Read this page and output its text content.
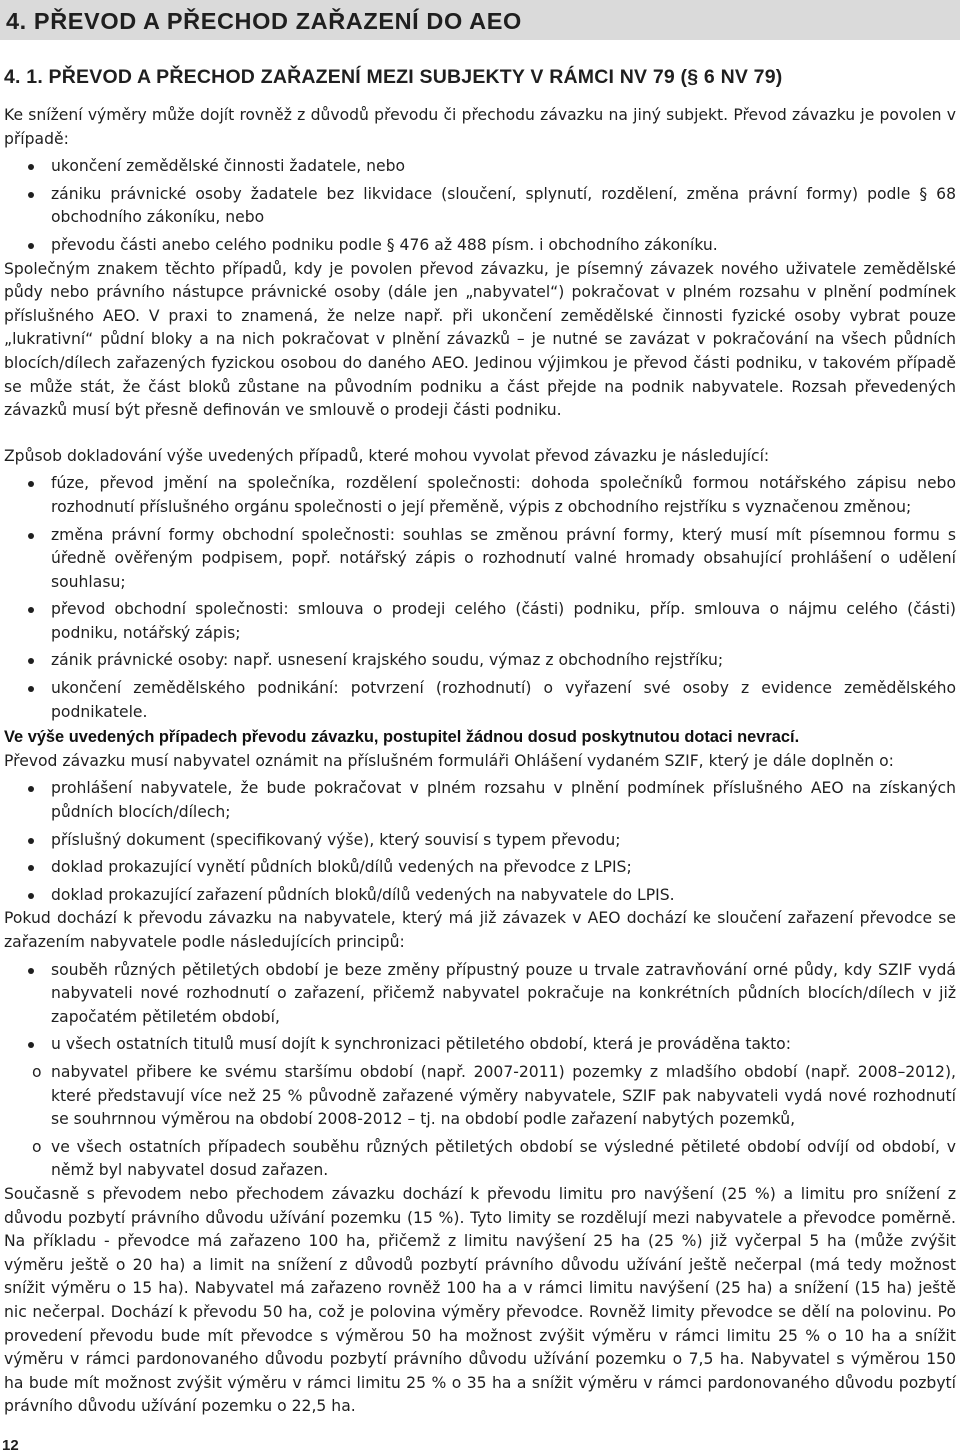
4. PŘEVOD A PŘECHOD ZAŘAZENÍ DO AEO
4. 1. PŘEVOD A PŘECHOD ZAŘAZENÍ MEZI SUBJEKTY V RÁMCI NV 79 (§ 6 NV 79)

Ke snížení výměry může dojít rovněž z důvodů převodu či přechodu závazku na jiný subjekt. Převod závazku je povolen v případě:

ukončení zemědělské činnosti žadatele, nebo
zániku právnické osoby žadatele bez likvidace (sloučení, splynutí, rozdělení, změna právní formy) podle § 68 obchodního zákoníku, nebo
převodu části anebo celého podniku podle § 476 až 488 písm. i obchodního zákoníku.

Společným znakem těchto případů, kdy je povolen převod závazku, je písemný závazek nového uživatele zemědělské půdy nebo právního nástupce právnické osoby (dále jen „nabyvatel“) pokračovat v plném rozsahu v plnění podmínek příslušného AEO. V praxi to znamená, že nelze např. při ukončení zemědělské činnosti fyzické osoby vybrat pouze „lukrativní“ půdní bloky a na nich pokračovat v plnění závazků – je nutné se zavázat v pokračování na všech půdních blocích/dílech zařazených fyzickou osobou do daného AEO. Jedinou výjimkou je převod části podniku, v takovém případě se může stát, že část bloků zůstane na původním podniku a část přejde na podnik nabyvatele. Rozsah převedených závazků musí být přesně definován ve smlouvě o prodeji části podniku.

Způsob dokladování výše uvedených případů, které mohou vyvolat převod závazku je následující:

fúze, převod jmění na společníka, rozdělení společnosti: dohoda společníků formou notářského zápisu nebo rozhodnutí příslušného orgánu společnosti o její přeměně, výpis z obchodního rejstříku s vyznačenou změnou;
změna právní formy obchodní společnosti: souhlas se změnou právní formy, který musí mít písemnou formu s úředně ověřeným podpisem, popř. notářský zápis o rozhodnutí valné hromady obsahující prohlášení o udělení souhlasu;
převod obchodní společnosti: smlouva o prodeji celého (části) podniku, příp. smlouva o nájmu celého (části) podniku, notářský zápis;
zánik právnické osoby: např. usnesení krajského soudu, výmaz z obchodního rejstříku;
ukončení zemědělského podnikání: potvrzení (rozhodnutí) o vyřazení své osoby z evidence zemědělského podnikatele.

Ve výše uvedených případech převodu závazku, postupitel žádnou dosud poskytnutou dotaci nevrací.

Převod závazku musí nabyvatel oznámit na příslušném formuláři Ohlášení vydaném SZIF, který je dále doplněn o:

prohlášení nabyvatele, že bude pokračovat v plném rozsahu v plnění podmínek příslušného AEO na získaných půdních blocích/dílech;
příslušný dokument (specifikovaný výše), který souvisí s typem převodu;
doklad prokazující vynětí půdních bloků/dílů vedených na převodce z LPIS;
doklad prokazující zařazení půdních bloků/dílů vedených na nabyvatele do LPIS.

Pokud dochází k převodu závazku na nabyvatele, který má již závazek v AEO dochází ke sloučení zařazení převodce se zařazením nabyvatele podle následujících principů:

souběh různých pětiletých období je beze změny přípustný pouze u trvale zatravňování orné půdy, kdy SZIF vydá nabyvateli nové rozhodnutí o zařazení, přičemž nabyvatel pokračuje na konkrétních půdních blocích/dílech v již započatém pětiletém období,
u všech ostatních titulů musí dojít k synchronizaci pětiletého období, která je prováděna takto:
o nabyvatel přibere ke svému staršímu období (např. 2007-2011) pozemky z mladšího období (např. 2008–2012), které představují více než 25 % původně zařazené výměry nabyvatele, SZIF pak nabyvateli vydá nové rozhodnutí se souhrnnou výměrou na období 2008-2012 – tj. na období podle zařazení nabytých pozemků,
o ve všech ostatních případech souběhu různých pětiletých období se výsledné pětileté období odvíjí od období, v němž byl nabyvatel dosud zařazen.

Současně s převodem nebo přechodem závazku dochází k převodu limitu pro navýšení (25 %) a limitu pro snížení z důvodu pozbytí právního důvodu užívání pozemku (15 %). Tyto limity se rozdělují mezi nabyvatele a převodce poměrně. Na příkladu - převodce má zařazeno 100 ha, přičemž z limitu navýšení 25 ha (25 %) již vyčerpal 5 ha (může zvýšit výměru ještě o 20 ha) a limit na snížení z důvodů pozbytí právního důvodu užívání ještě nečerpal (má tedy možnost snížit výměru o 15 ha). Nabyvatel má zařazeno rovněž 100 ha a v rámci limitu navýšení (25 ha) a snížení (15 ha) ještě nic nečerpal. Dochází k převodu 50 ha, což je polovina výměry převodce. Rovněž limity převodce se dělí na polovinu. Po provedení převodu bude mít převodce s výměrou 50 ha možnost zvýšit výměru v rámci limitu 25 % o 10 ha a snížit výměru v rámci pardonovaného důvodu pozbytí právního důvodu užívání pozemku o 7,5 ha. Nabyvatel s výměrou 150 ha bude mít možnost zvýšit výměru v rámci limitu 25 % o 35 ha a snížit výměru v rámci pardonovaného důvodu pozbytí právního důvodu užívání pozemku o 22,5 ha.

12
